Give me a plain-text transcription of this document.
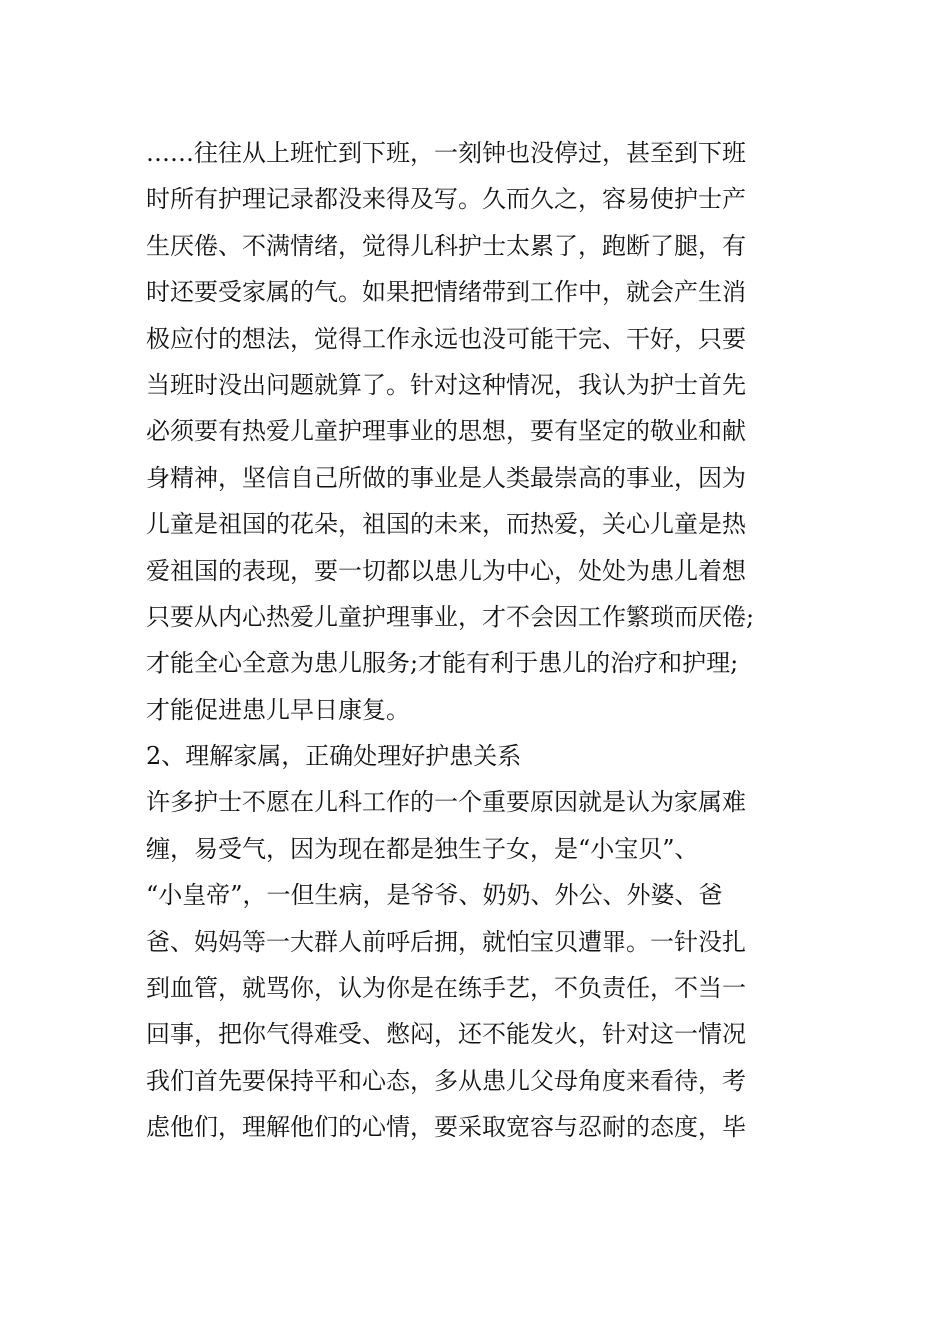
……往往从上班忙到下班，一刻钟也没停过，甚至到下班
时所有护理记录都没来得及写。久而久之，容易使护士产
生厌倦、不满情绪，觉得儿科护士太累了，跑断了腿，有
时还要受家属的气。如果把情绪带到工作中，就会产生消
极应付的想法，觉得工作永远也没可能干完、干好，只要
当班时没出问题就算了。针对这种情况，我认为护士首先
必须要有热爱儿童护理事业的思想，要有坚定的敬业和献
身精神，坚信自己所做的事业是人类最崇高的事业，因为
儿童是祖国的花朵，祖国的未来，而热爱，关心儿童是热
爱祖国的表现，要一切都以患儿为中心，处处为患儿着想
只要从内心热爱儿童护理事业，才不会因工作繁琐而厌倦;
才能全心全意为患儿服务;才能有利于患儿的治疗和护理;
才能促进患儿早日康复。
2、理解家属，正确处理好护患关系
许多护士不愿在儿科工作的一个重要原因就是认为家属难
缠，易受气，因为现在都是独生子女，是“小宝贝”、
“小皇帝”，一但生病，是爷爷、奶奶、外公、外婆、爸
爸、妈妈等一大群人前呼后拥，就怕宝贝遭罪。一针没扎
到血管，就骂你，认为你是在练手艺，不负责任，不当一
回事，把你气得难受、憋闷，还不能发火，针对这一情况
我们首先要保持平和心态，多从患儿父母角度来看待，考
虑他们，理解他们的心情，要采取宽容与忍耐的态度，毕
